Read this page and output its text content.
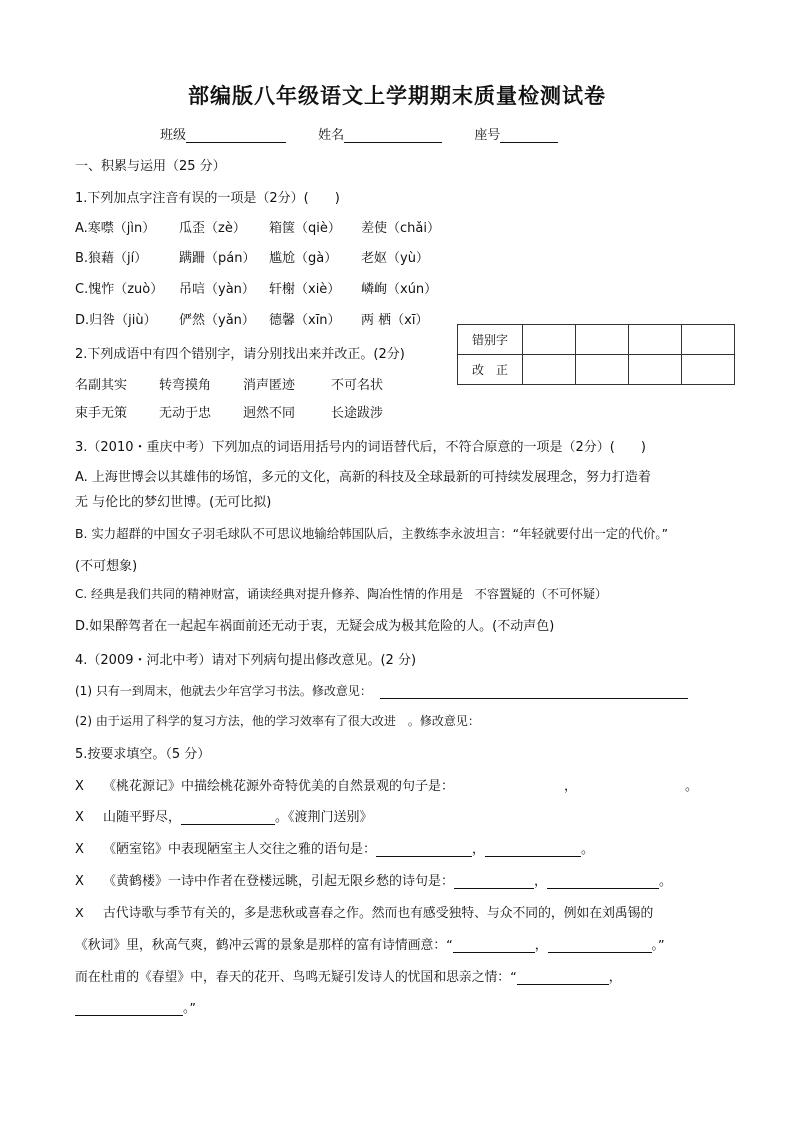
部编版八年级语文上学期期末质量检测试卷
班级	姓名	座号
一、积累与运用（25 分）
1.下列加点字注音有误的一项是（2分）(　　)
A.寒噤（jìn） 瓜歪（zè） 箱箧（qiè） 差使（chǎi）
B.狼藉（jí） 蹒跚（pán） 尴尬（gà） 老妪（yù）
C.愧怍（zuò） 吊唁（yàn） 轩榭（xiè） 嶙峋（xún）
D.归咎（jiù） 俨然（yǎn） 德馨（xīn） 两 栖（xī）
错别字				
改　正				
2.下列成语中有四个错别字，请分别找出来并改正。(2分)
名副其实 转弯摸角 消声匿迹	不可名状
束手无策 无动于忠 迥然不同	长途跋涉
3.（2010・重庆中考）下列加点的词语用括号内的词语替代后，不符合原意的一项是（2分）(　　)
A. 上海世博会以其雄伟的场馆，多元的文化，高新的科技及全球最新的可持续发展理念，努力打造着
无 与伦比的梦幻世博。(无可比拟)
B. 实力超群的中国女子羽毛球队不可思议地输给韩国队后，主教练李永波坦言：“年轻就要付出一定的代价。”
(不可想象)
C. 经典是我们共同的精神财富，诵读经典对提升修养、陶冶性情的作用是　不容置疑的（不可怀疑）
D.如果醉驾者在一起起车祸面前还无动于衷，无疑会成为极其危险的人。(不动声色)
4.（2009・河北中考）请对下列病句提出修改意见。(2 分)
(1) 只有一到周末，他就去少年宫学习书法。修改意见：
(2) 由于运用了科学的复习方法，他的学习效率有了很大改进　。修改意见：
5.按要求填空。（5 分）
Ⅹ 《桃花源记》中描绘桃花源外奇特优美的自然景观的句子是：	，	。
Ⅹ 山随平野尽，	。《渡荆门送别》
Ⅹ 《陋室铭》中表现陋室主人交往之雅的语句是：	，	。
Ⅹ 《黄鹤楼》一诗中作者在登楼远眺，引起无限乡愁的诗句是：	，	。
Ⅹ 古代诗歌与季节有关的，多是悲秋或喜春之作。然而也有感受独特、与众不同的，例如在刘禹锡的
《秋词》里，秋高气爽，鹤冲云霄的景象是那样的富有诗情画意：“	，	。”
而在杜甫的《春望》中，春天的花开、鸟鸣无疑引发诗人的忧国和思亲之情：“	，
。”
